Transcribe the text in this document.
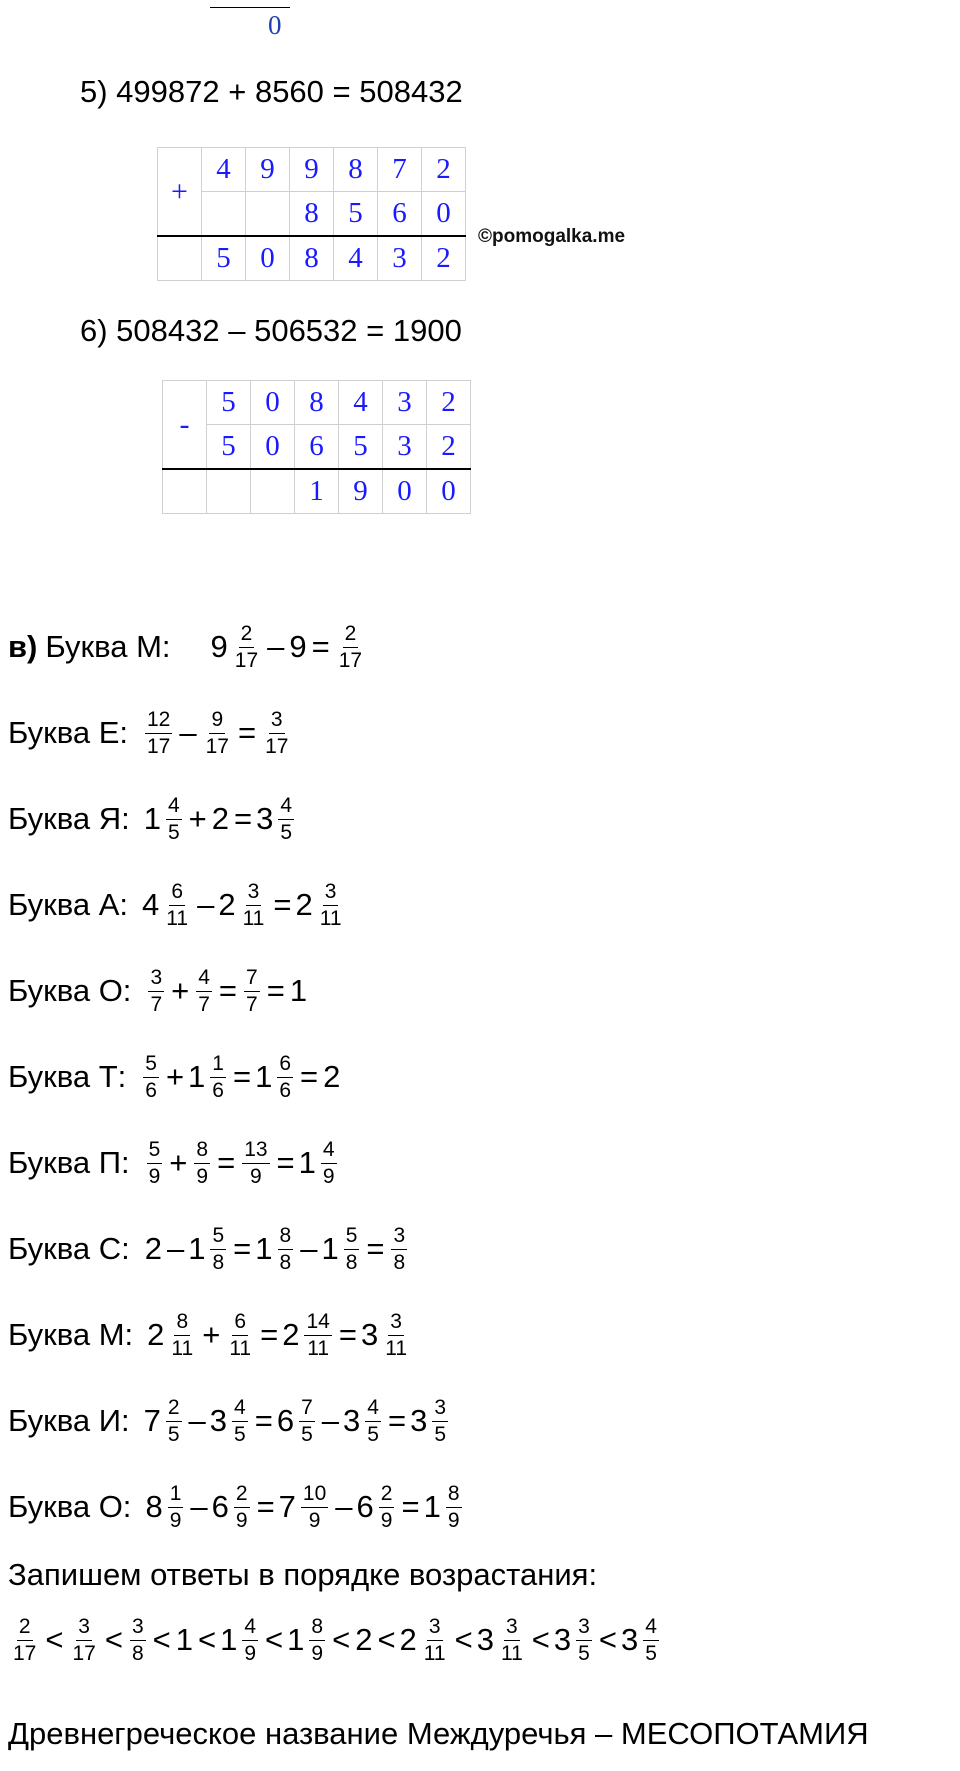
0
5) 499872 + 8560 = 508432
+	4	9	9	8	7	2
			8	5	6	0
	5	0	8	4	3	2
©pomogalka.me
6) 508432 – 506532 = 1900
-	5	0	8	4	3	2
	5	0	6	5	3	2
			1	9	0	0
в) Буква М: $9 \frac{2}{17} - 9 = \frac{2}{17}$
Буква Е: $\frac{12}{17} - \frac{9}{17} = \frac{3}{17}$
Буква Я: $1 \frac{4}{5} + 2 = 3 \frac{4}{5}$
Буква А: $4 \frac{6}{11} - 2 \frac{3}{11} = 2 \frac{3}{11}$
Буква О: $\frac{3}{7} + \frac{4}{7} = \frac{7}{7} = 1$
Буква Т: $\frac{5}{6} + 1 \frac{1}{6} = 1 \frac{6}{6} = 2$
Буква П: $\frac{5}{9} + \frac{8}{9} = \frac{13}{9} = 1 \frac{4}{9}$
Буква С: $2 - 1 \frac{5}{8} = 1 \frac{8}{8} - 1 \frac{5}{8} = \frac{3}{8}$
Буква М: $2 \frac{8}{11} + \frac{6}{11} = 2 \frac{14}{11} = 3 \frac{3}{11}$
Буква И: $7 \frac{2}{5} - 3 \frac{4}{5} = 6 \frac{7}{5} - 3 \frac{4}{5} = 3 \frac{3}{5}$
Буква О: $8 \frac{1}{9} - 6 \frac{2}{9} = 7 \frac{10}{9} - 6 \frac{2}{9} = 1 \frac{8}{9}$
Запишем ответы в порядке возрастания:
$\frac{2}{17} < \frac{3}{17} < \frac{3}{8} < 1 < 1 \frac{4}{9} < 1 \frac{8}{9} < 2 < 2 \frac{3}{11} < 3 \frac{3}{11} < 3 \frac{3}{5} < 3 \frac{4}{5}$
Древнегреческое название Междуречья – МЕСОПОТАМИЯ
